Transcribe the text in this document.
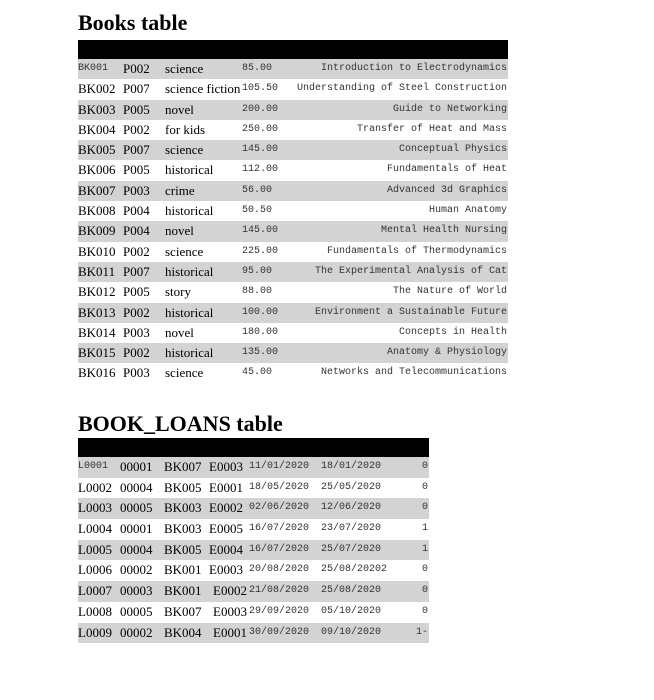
Books table
BK001 P002 science	85.00	Introduction to Electrodynamics
BK002 P007 science fiction 105.50	Understanding of Steel Construction
BK003 P005 novel	200.00	Guide to Networking
BK004 P002 for kids	250.00	Transfer of Heat and Mass
BK005 P007 science	145.00	Conceptual Physics
BK006 P005 historical	112.00	Fundamentals of Heat
BK007 P003 crime	56.00	Advanced 3d Graphics
BK008 P004 historical	50.50	Human Anatomy
BK009 P004 novel	145.00	Mental Health Nursing
BK010 P002 science	225.00	Fundamentals of Thermodynamics
BK011 P007 historical	95.00	The Experimental Analysis of Cat
BK012 P005 story	88.00	The Nature of World
BK013 P002 historical	100.00	Environment a Sustainable Future
BK014 P003 novel	180.00	Concepts in Health
BK015 P002 historical	135.00	Anatomy & Physiology
BK016 P003 science	45.00	Networks and Telecommunications
BOOK_LOANS table
L0001 00001 BK007 E0003 11/01/2020 18/01/2020	0
L0002 00004 BK005 E0001 18/05/2020 25/05/2020	0
L0003 00005 BK003 E0002 02/06/2020 12/06/2020	0
L0004 00001 BK003 E0005 16/07/2020 23/07/2020	1
L0005 00004 BK005 E0004 16/07/2020 25/07/2020	1
L0006 00002 BK001 E0003 20/08/2020 25/08/20202	0
L0007 00003 BK001 E0002 21/08/2020 25/08/2020	0
L0008 00005 BK007 E0003 29/09/2020 05/10/2020	0
L0009 00002 BK004 E0001 30/09/2020 09/10/2020	1-
